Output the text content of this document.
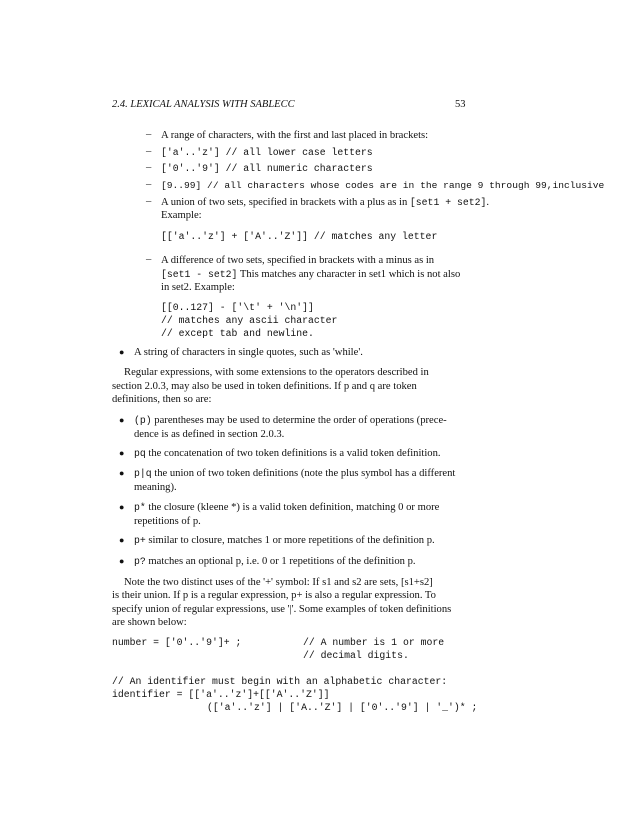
2.4. LEXICAL ANALYSIS WITH SABLECC	53
– A range of characters, with the first and last placed in brackets:
– ['a'..'z'] // all lower case letters
– ['0'..'9'] // all numeric characters
– [9..99] // all characters whose codes are in the range 9 through 99,inclusive
– A union of two sets, specified in brackets with a plus as in [set1 + set2].
Example:
[['a'..'z'] + ['A'..'Z']] // matches any letter
– A difference of two sets, specified in brackets with a minus as in
[set1 - set2] This matches any character in set1 which is not also
in set2. Example:
[[0..127] - ['\t' + '\n']]
// matches any ascii character
// except tab and newline.
● A string of characters in single quotes, such as 'while'.
Regular expressions, with some extensions to the operators described in
section 2.0.3, may also be used in token definitions. If p and q are token
definitions, then so are:
● (p) parentheses may be used to determine the order of operations (prece-
dence is as defined in section 2.0.3.
● pq the concatenation of two token definitions is a valid token definition.
● p|q the union of two token definitions (note the plus symbol has a different
meaning).
● p* the closure (kleene *) is a valid token definition, matching 0 or more
repetitions of p.
● p+ similar to closure, matches 1 or more repetitions of the definition p.
● p? matches an optional p, i.e. 0 or 1 repetitions of the definition p.
Note the two distinct uses of the '+' symbol: If s1 and s2 are sets, [s1+s2]
is their union. If p is a regular expression, p+ is also a regular expression. To
specify union of regular expressions, use '|'. Some examples of token definitions
are shown below:
number = ['0'..'9']+ ;	// A number is 1 or more
// decimal digits.
// An identifier must begin with an alphabetic character:
identifier = [['a'..'z']+[['A'..'Z']]
(['a'..'z'] | ['A..'Z'] | ['0'..'9'] | '_')* ;
